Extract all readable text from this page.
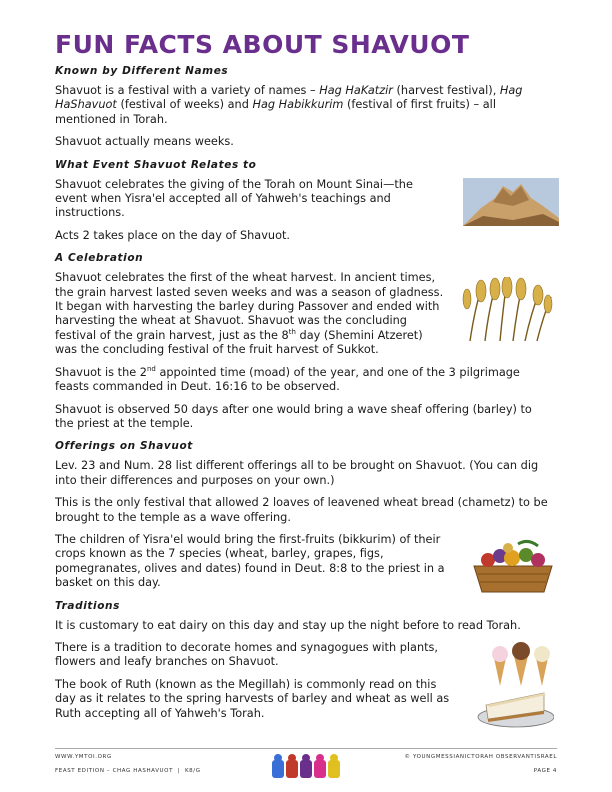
FUN FACTS ABOUT SHAVUOT
Known by Different Names

Shavuot is a festival with a variety of names – Hag HaKatzir (harvest festival), Hag HaShavuot (festival of weeks) and Hag Habikkurim (festival of first fruits) – all mentioned in Torah.

Shavuot actually means weeks.

What Event Shavuot Relates to

Shavuot celebrates the giving of the Torah on Mount Sinai—the event when Yisra'el accepted all of Yahweh's teachings and instructions.

Acts 2 takes place on the day of Shavuot.

A Celebration

Shavuot celebrates the first of the wheat harvest. In ancient times, the grain harvest lasted seven weeks and was a season of gladness. It began with harvesting the barley during Passover and ended with harvesting the wheat at Shavuot. Shavuot was the concluding festival of the grain harvest, just as the 8th day (Shemini Atzeret) was the concluding festival of the fruit harvest of Sukkot.

Shavuot is the 2nd appointed time (moad) of the year, and one of the 3 pilgrimage feasts commanded in Deut. 16:16 to be observed.

Shavuot is observed 50 days after one would bring a wave sheaf offering (barley) to the priest at the temple.

Offerings on Shavuot

Lev. 23 and Num. 28 list different offerings all to be brought on Shavuot. (You can dig into their differences and purposes on your own.)

This is the only festival that allowed 2 loaves of leavened wheat bread (chametz) to be brought to the temple as a wave offering.

The children of Yisra'el would bring the first-fruits (bikkurim) of their crops known as the 7 species (wheat, barley, grapes, figs, pomegranates, olives and dates) found in Deut. 8:8 to the priest in a basket on this day.

Traditions

It is customary to eat dairy on this day and stay up the night before to read Torah.

There is a tradition to decorate homes and synagogues with plants, flowers and leafy branches on Shavuot.

The book of Ruth (known as the Megillah) is commonly read on this day as it relates to the spring harvests of barley and wheat as well as Ruth accepting all of Yahweh's Torah.

WWW.YMTOI.ORG
FEAST EDITION – CHAG HASHAVUOT  |  K8/G
© YOUNGMESSIANICTORAH OBSERVANTISRAEL
PAGE 4
